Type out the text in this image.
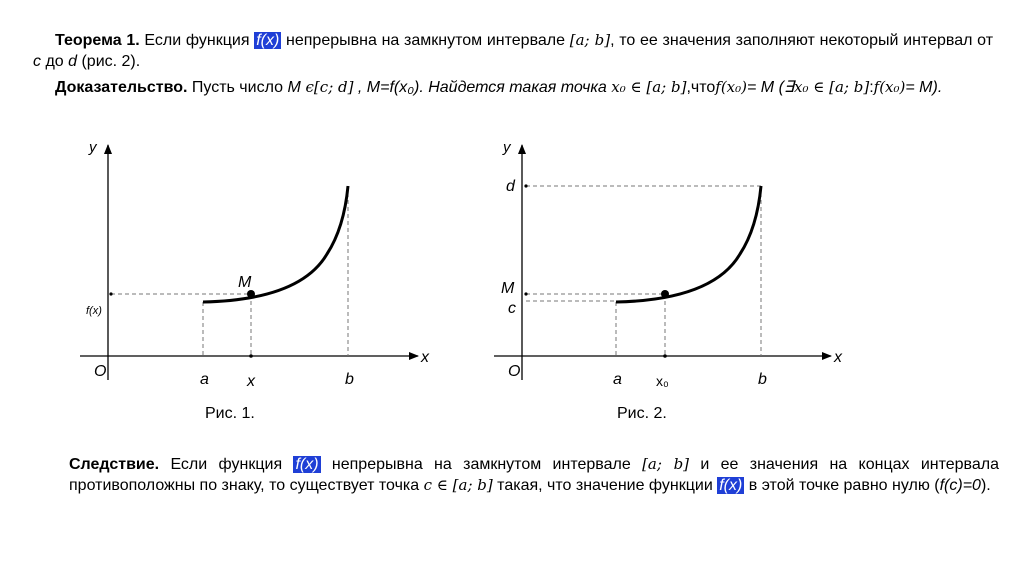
Теорема 1. Если функция f(x) непрерывна на замкнутом интервале [a; b], то ее значения заполняют некоторый интервал от c до d (рис. 2).
Доказательство. Пусть число M ϵ[c; d] , M=f(x₀). Найдется такая точка x₀ ∈ [a; b],чтоf(x₀)= M (∃x₀ ∈ [a; b]:f(x₀)= M).
y
x
O	a x	b
f(x)
M
y
x
O	a x₀	b
d
M
c
Рис. 1.	Рис. 2.
Следствие. Если функция f(x) непрерывна на замкнутом интервале [a; b] и ее значения на концах интервала противоположны по знаку, то существует точка c ∈ [a; b] такая, что значение функции f(x) в этой точке равно нулю (f(c)=0).
